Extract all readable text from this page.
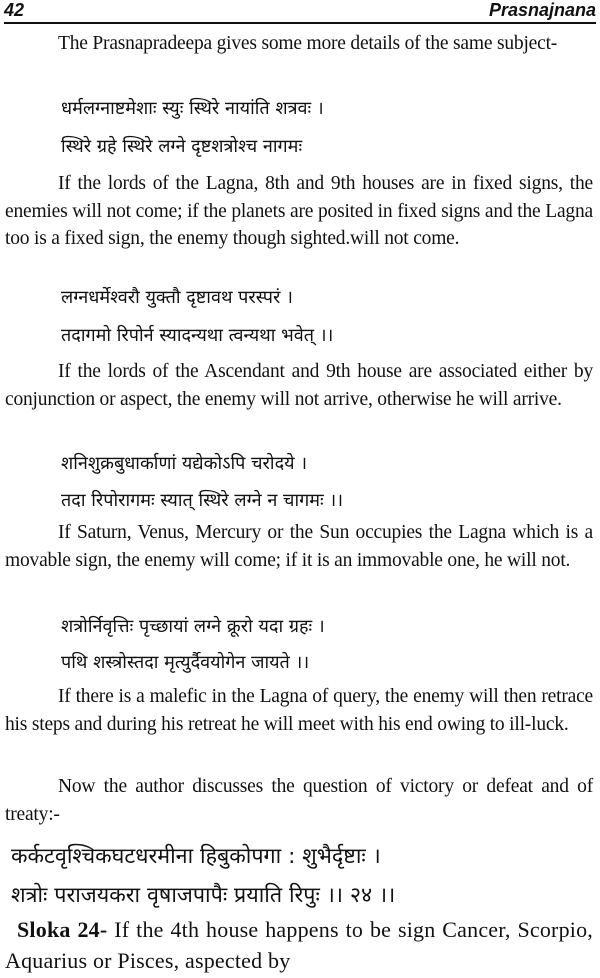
42	Prasnajnana

The Prasnapradeepa gives some more details of the same subject-

धर्मलग्नाष्टमेशाः स्युः स्थिरे नायांति शत्रवः ।
स्थिरे ग्रहे स्थिरे लग्ने दृष्टशत्रोश्च नागमः

If the lords of the Lagna, 8th and 9th houses are in fixed signs, the enemies will not come; if the planets are posited in fixed signs and the Lagna too is a fixed sign, the enemy though sighted.will not come.

लग्नधर्मेश्वरौ युक्तौ दृष्टावथ परस्परं ।
तदागमो रिपोर्न स्यादन्यथा त्वन्यथा भवेत् ।।

If the lords of the Ascendant and 9th house are associated either by conjunction or aspect, the enemy will not arrive, otherwise he will arrive.

शनिशुक्रबुधार्काणां यद्येकोऽपि चरोदये ।
तदा रिपोरागमः स्यात् स्थिरे लग्ने न चागमः ।।

If Saturn, Venus, Mercury or the Sun occupies the Lagna which is a movable sign, the enemy will come; if it is an immovable one, he will not.

शत्रोर्निवृत्तिः पृच्छायां लग्ने क्रूरो यदा ग्रहः ।
पथि शस्त्रोस्तदा मृत्युर्दैवयोगेन जायते ।।

If there is a malefic in the Lagna of query, the enemy will then retrace his steps and during his retreat he will meet with his end owing to ill-luck.

Now the author discusses the question of victory or defeat and of treaty:-

कर्कटवृश्चिकघटधरमीना हिबुकोपगा : शुभैर्दृष्टाः ।
शत्रोः पराजयकरा वृषाजपापैः प्रयाति रिपुः ।। २४ ।।

Sloka 24- If the 4th house happens to be sign Cancer, Scorpio, Aquarius or Pisces, aspected by
